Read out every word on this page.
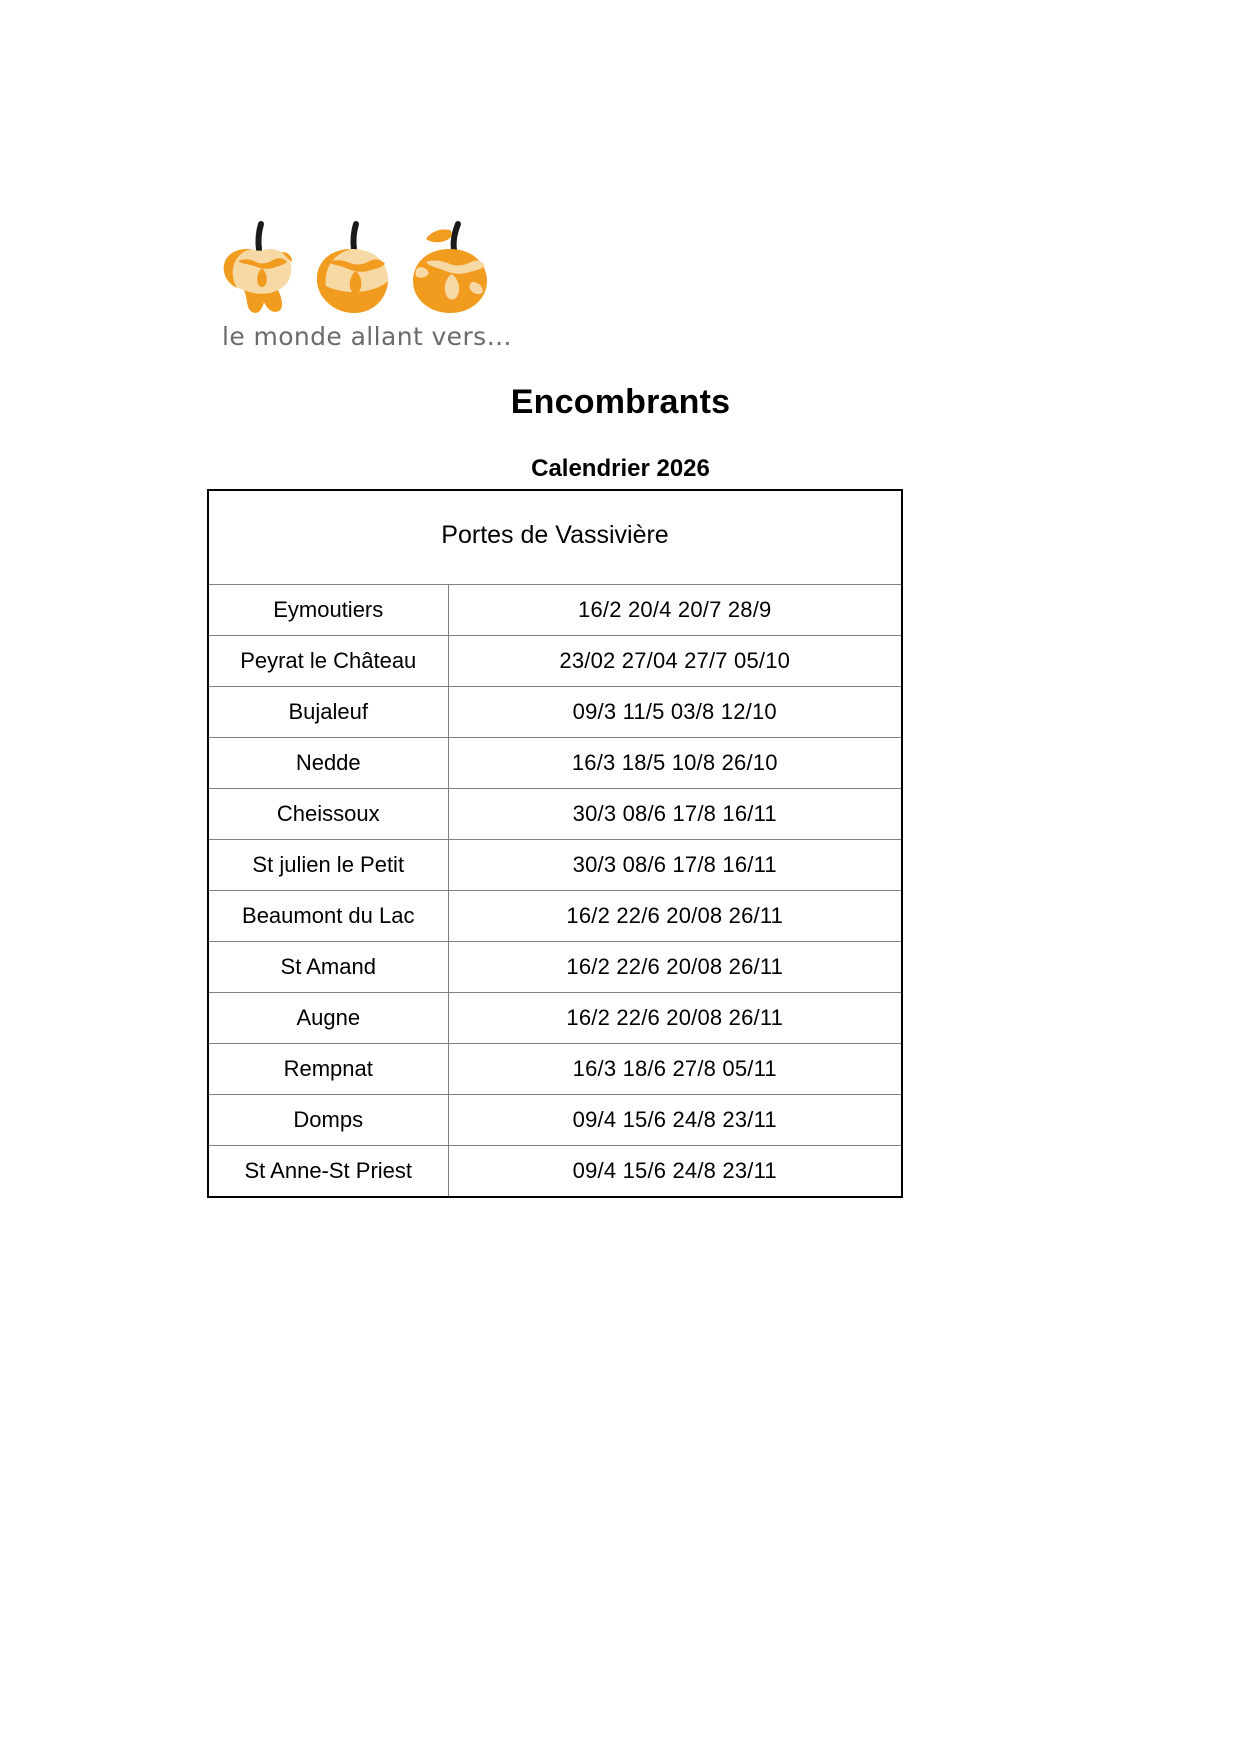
le monde allant vers…
Encombrants
Calendrier 2026
Portes de Vassivière	
Eymoutiers	16/2 20/4 20/7 28/9
Peyrat le Château	23/02 27/04 27/7 05/10
Bujaleuf	09/3 11/5 03/8 12/10
Nedde	16/3 18/5 10/8 26/10
Cheissoux	30/3 08/6 17/8 16/11
St julien le Petit	30/3 08/6 17/8 16/11
Beaumont du Lac	16/2 22/6 20/08 26/11
St Amand	16/2 22/6 20/08 26/11
Augne	16/2 22/6 20/08 26/11
Rempnat	16/3 18/6 27/8 05/11
Domps	09/4 15/6 24/8 23/11
St Anne-St Priest	09/4 15/6 24/8 23/11
